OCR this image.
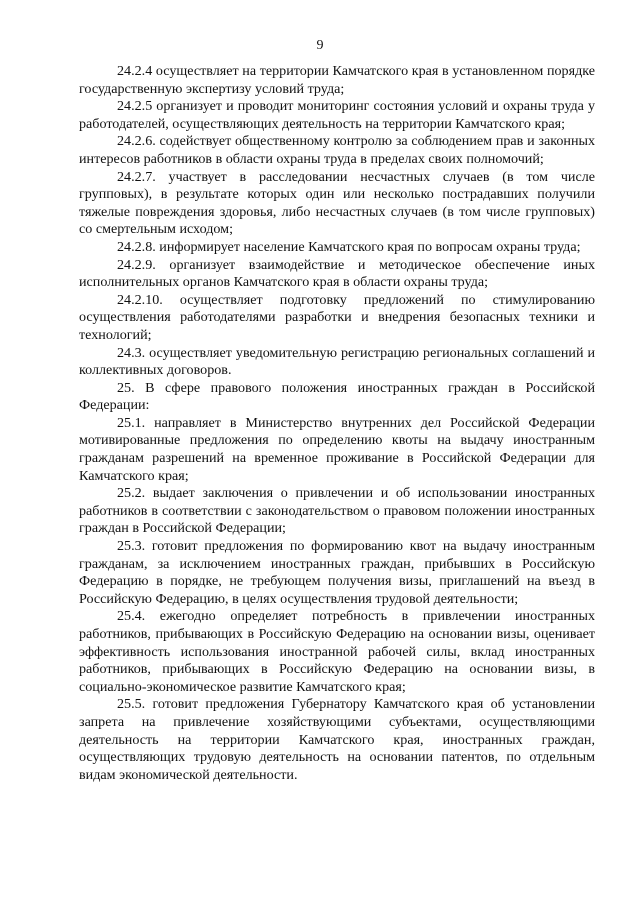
9

24.2.4 осуществляет на территории Камчатского края в установленном порядке государственную экспертизу условий труда;

24.2.5 организует и проводит мониторинг состояния условий и охраны труда у работодателей, осуществляющих деятельность на территории Камчатского края;

24.2.6. содействует общественному контролю за соблюдением прав и законных интересов работников в области охраны труда в пределах своих полномочий;

24.2.7. участвует в расследовании несчастных случаев (в том числе групповых), в результате которых один или несколько пострадавших получили тяжелые повреждения здоровья, либо несчастных случаев (в том числе групповых) со смертельным исходом;

24.2.8. информирует население Камчатского края по вопросам охраны труда;

24.2.9. организует взаимодействие и методическое обеспечение иных исполнительных органов Камчатского края в области охраны труда;

24.2.10. осуществляет подготовку предложений по стимулированию осуществления работодателями разработки и внедрения безопасных техники и технологий;

24.3. осуществляет уведомительную регистрацию региональных соглашений и коллективных договоров.

25. В сфере правового положения иностранных граждан в Российской Федерации:

25.1. направляет в Министерство внутренних дел Российской Федерации мотивированные предложения по определению квоты на выдачу иностранным гражданам разрешений на временное проживание в Российской Федерации для Камчатского края;

25.2. выдает заключения о привлечении и об использовании иностранных работников в соответствии с законодательством о правовом положении иностранных граждан в Российской Федерации;

25.3. готовит предложения по формированию квот на выдачу иностранным гражданам, за исключением иностранных граждан, прибывших в Российскую Федерацию в порядке, не требующем получения визы, приглашений на въезд в Российскую Федерацию, в целях осуществления трудовой деятельности;

25.4. ежегодно определяет потребность в привлечении иностранных работников, прибывающих в Российскую Федерацию на основании визы, оценивает эффективность использования иностранной рабочей силы, вклад иностранных работников, прибывающих в Российскую Федерацию на основании визы, в социально-экономическое развитие Камчатского края;

25.5. готовит предложения Губернатору Камчатского края об установлении запрета на привлечение хозяйствующими субъектами, осуществляющими деятельность на территории Камчатского края, иностранных граждан, осуществляющих трудовую деятельность на основании патентов, по отдельным видам экономической деятельности.
